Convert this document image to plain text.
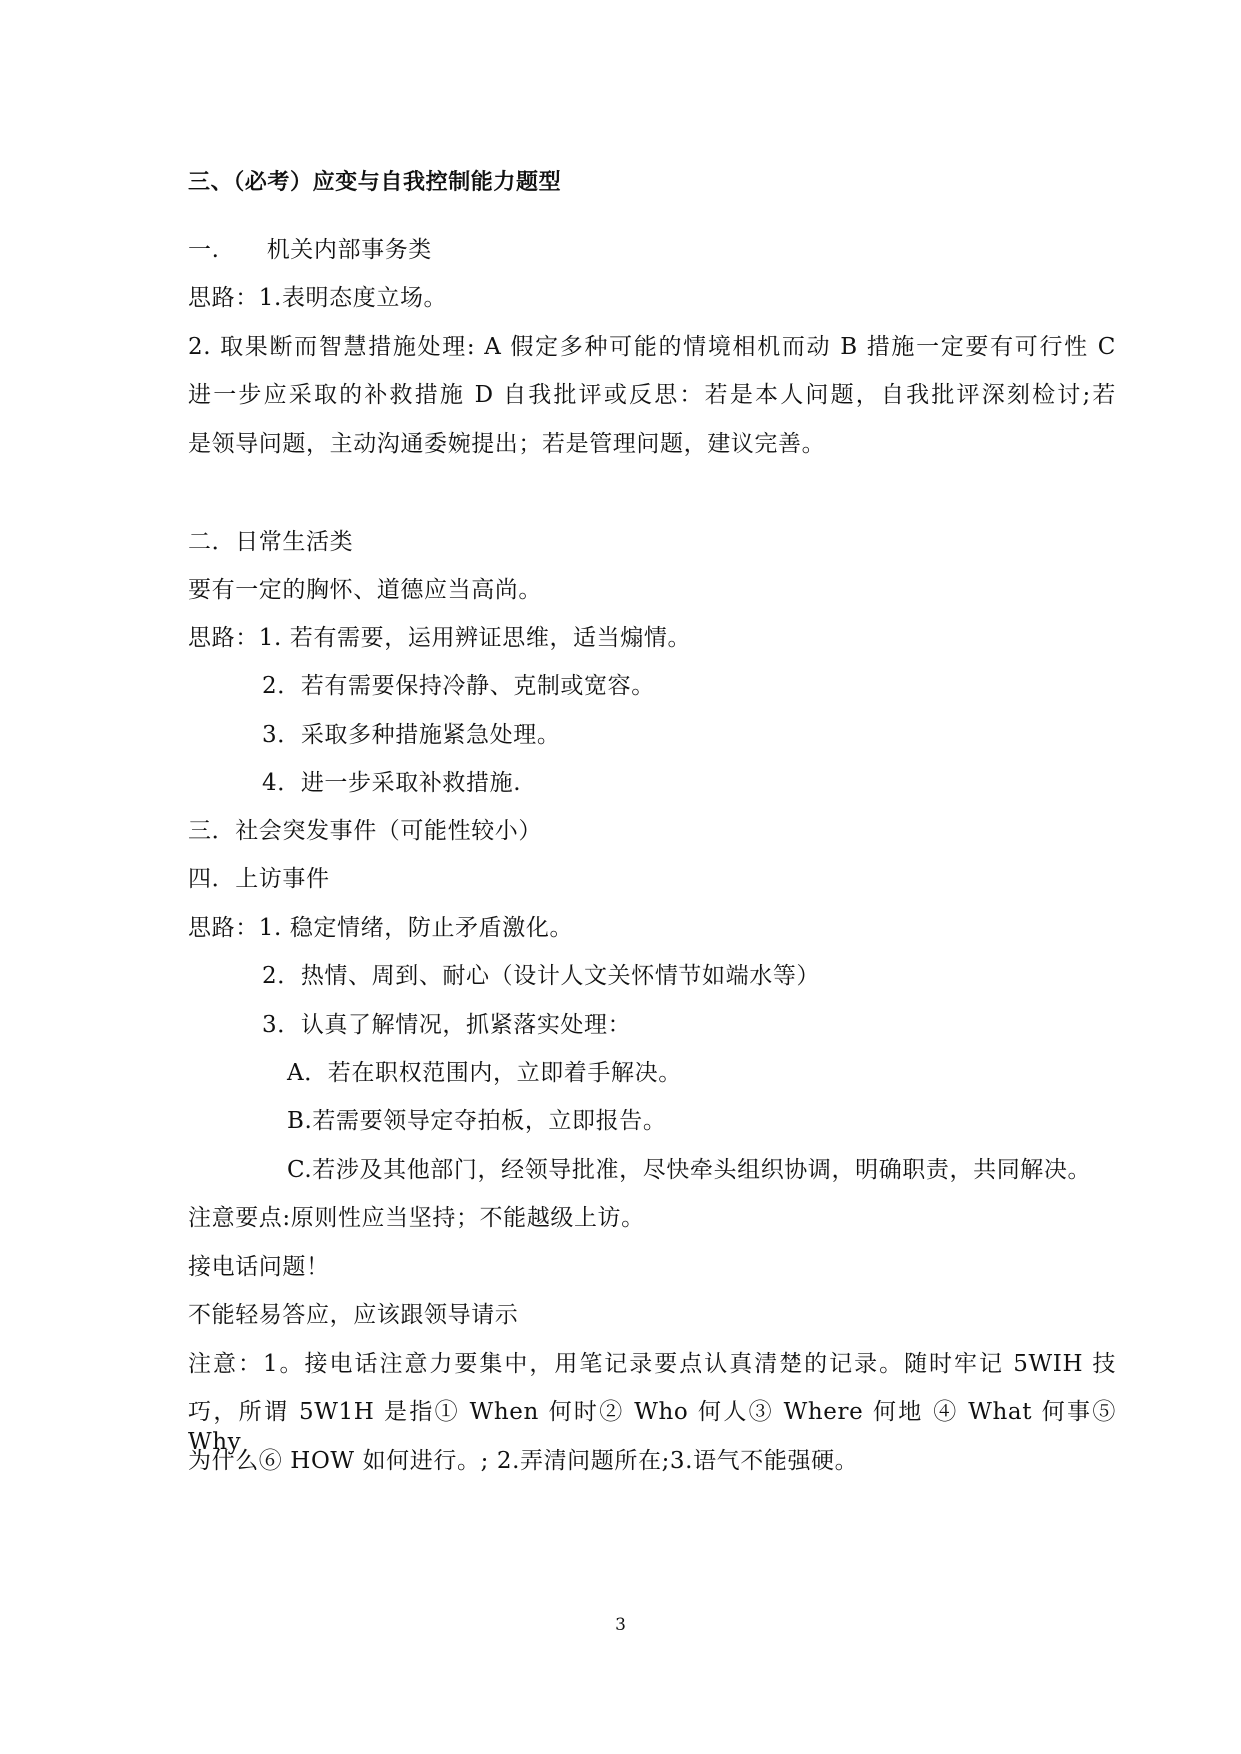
三、（必考）应变与自我控制能力题型
一.　　机关内部事务类
思路：1.表明态度立场。
2. 取果断而智慧措施处理: A 假定多种可能的情境相机而动 B 措施一定要有可行性 C
进一步应采取的补救措施 D 自我批评或反思：若是本人问题，自我批评深刻检讨;若
是领导问题，主动沟通委婉提出；若是管理问题，建议完善。
二．日常生活类
要有一定的胸怀、道德应当高尚。
思路：1. 若有需要，运用辨证思维，适当煽情。
2．若有需要保持冷静、克制或宽容。
3．采取多种措施紧急处理。
4．进一步采取补救措施.
三．社会突发事件（可能性较小）
四．上访事件
思路：1. 稳定情绪，防止矛盾激化。
2．热情、周到、耐心（设计人文关怀情节如端水等）
3．认真了解情况，抓紧落实处理：
A．若在职权范围内，立即着手解决。
B.若需要领导定夺拍板，立即报告。
C.若涉及其他部门，经领导批准，尽快牵头组织协调，明确职责，共同解决。
注意要点:原则性应当坚持；不能越级上访。
接电话问题！
不能轻易答应，应该跟领导请示
注意：1。接电话注意力要集中，用笔记录要点认真清楚的记录。随时牢记 5WIH 技
巧，所谓 5W1H 是指① When 何时② Who 何人③ Where 何地 ④ What 何事⑤ Why
为什么⑥ HOW 如何进行。; 2.弄清问题所在;3.语气不能强硬。
3
